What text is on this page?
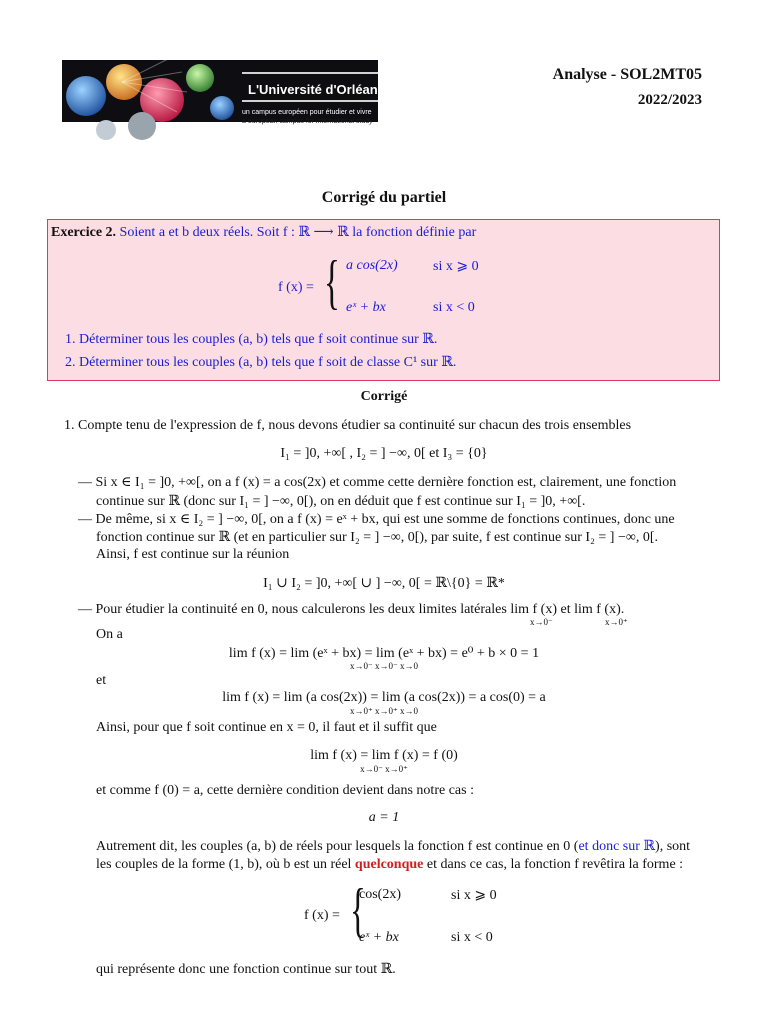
L'Université d'Orléans
un campus européen pour étudier et vivre
a european campus for international study
Analyse - SOL2MT05
2022/2023
Corrigé du partiel
Exercice 2. Soient a et b deux réels. Soit f : ℝ ⟶ ℝ la fonction définie par
f (x) = { a cos(2x)	si x ⩾ 0
eˣ + bx	si x < 0
1. Déterminer tous les couples (a, b) tels que f soit continue sur ℝ.
2. Déterminer tous les couples (a, b) tels que f soit de classe C¹ sur ℝ.
Corrigé
1. Compte tenu de l'expression de f, nous devons étudier sa continuité sur chacun des trois ensembles
I₁ = ]0, +∞[ , I₂ = ] −∞, 0[ et I₃ = {0}
— Si x ∈ I₁ = ]0, +∞[, on a f (x) = a cos(2x) et comme cette dernière fonction est, clairement, une fonction
continue sur ℝ (donc sur I₁ = ] −∞, 0[), on en déduit que f est continue sur I₁ = ]0, +∞[.
— De même, si x ∈ I₂ = ] −∞, 0[, on a f (x) = eˣ + bx, qui est une somme de fonctions continues, donc une
fonction continue sur ℝ (et en particulier sur I₂ = ] −∞, 0[), par suite, f est continue sur I₂ = ] −∞, 0[.
Ainsi, f est continue sur la réunion
I₁ ∪ I₂ = ]0, +∞[ ∪ ] −∞, 0[ = ℝ\{0} = ℝ*
— Pour étudier la continuité en 0, nous calculerons les deux limites latérales lim f (x) et lim f (x).
x→0⁻	x→0⁺
On a
lim f (x) = lim (eˣ + bx) = lim (eˣ + bx) = e⁰ + b × 0 = 1
x→0⁻ x→0⁻ x→0
et
lim f (x) = lim (a cos(2x)) = lim (a cos(2x)) = a cos(0) = a
x→0⁺ x→0⁺ x→0
Ainsi, pour que f soit continue en x = 0, il faut et il suffit que
lim f (x) = lim f (x) = f (0)
x→0⁻ x→0⁺
et comme f (0) = a, cette dernière condition devient dans notre cas :
a = 1
Autrement dit, les couples (a, b) de réels pour lesquels la fonction f est continue en 0 (et donc sur ℝ), sont
les couples de la forme (1, b), où b est un réel quelconque et dans ce cas, la fonction f revêtira la forme :
f (x) = {
cos(2x)	si x ⩾ 0
eˣ + bx	si x < 0
qui représente donc une fonction continue sur tout ℝ.
